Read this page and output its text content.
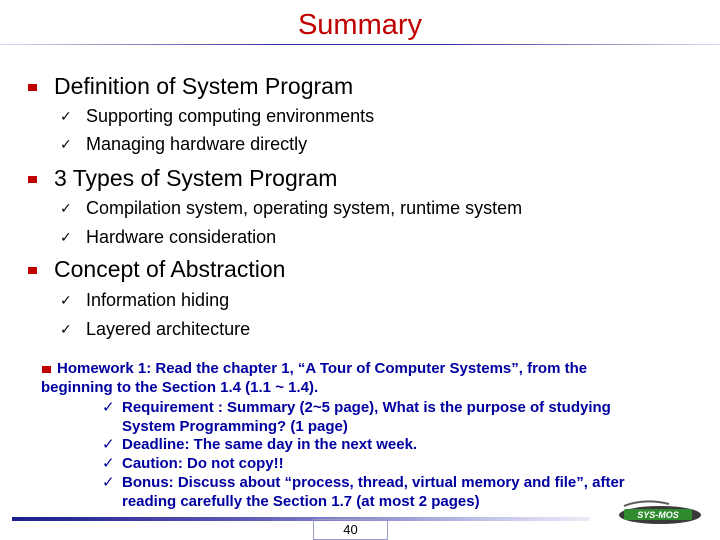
Summary
Definition of System Program
✓ Supporting computing environments
✓ Managing hardware directly
3 Types of System Program
✓ Compilation system, operating system, runtime system
✓ Hardware consideration
Concept of Abstraction
✓ Information hiding
✓ Layered architecture
Homework 1: Read the chapter 1, “A Tour of Computer Systems”, from the
beginning to the Section 1.4 (1.1 ~ 1.4).
✓ Requirement : Summary (2~5 page), What is the purpose of studying
System Programming? (1 page)
✓ Deadline: The same day in the next week.
✓ Caution: Do not copy!!
✓ Bonus: Discuss about “process, thread, virtual memory and file”, after
reading carefully the Section 1.7 (at most 2 pages)
40
SYS-MOS
